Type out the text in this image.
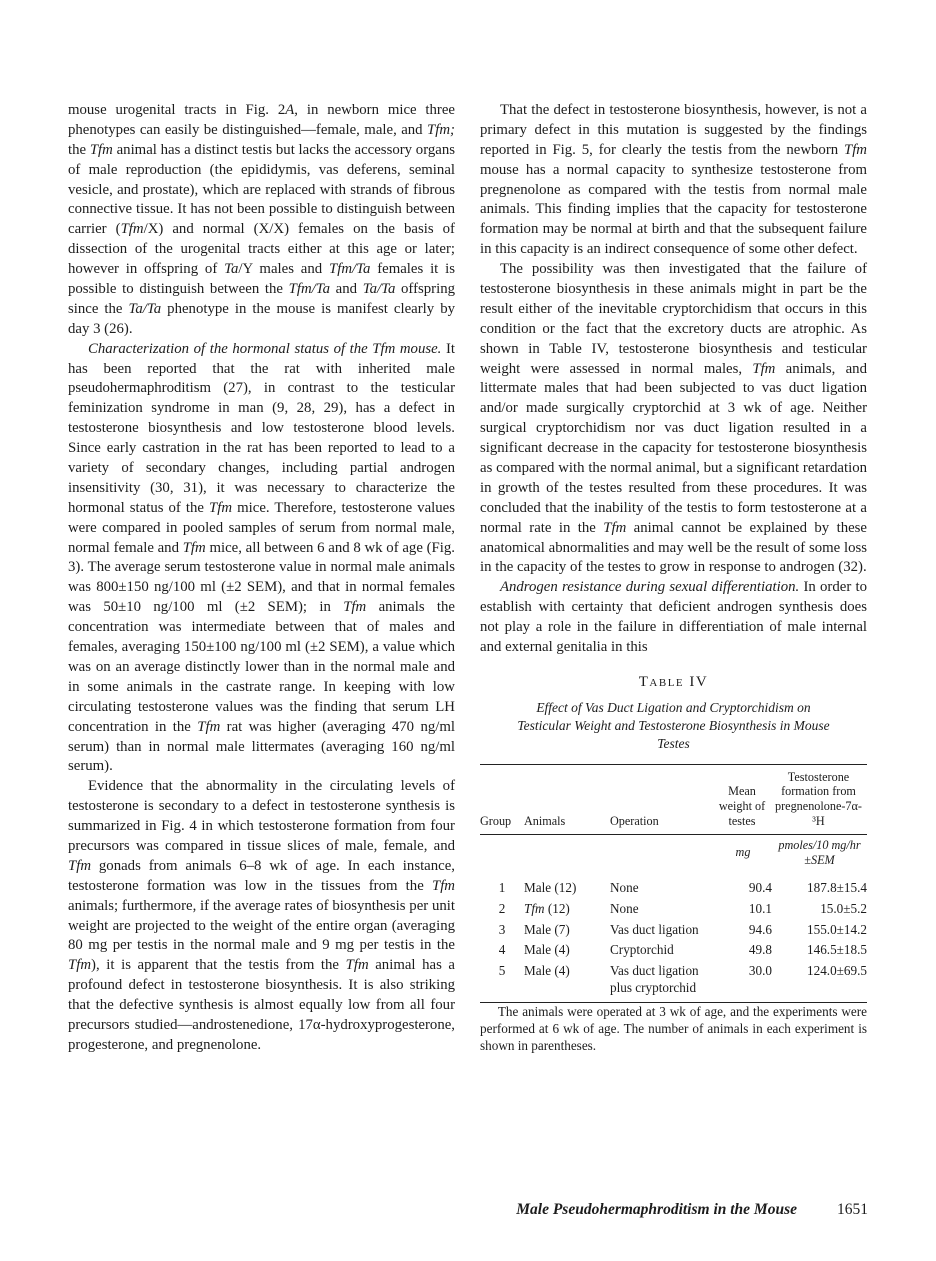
mouse urogenital tracts in Fig. 2A, in newborn mice three phenotypes can easily be distinguished—female, male, and Tfm; the Tfm animal has a distinct testis but lacks the accessory organs of male reproduction (the epididymis, vas deferens, seminal vesicle, and prostate), which are replaced with strands of fibrous connective tissue. It has not been possible to distinguish between carrier (Tfm/X) and normal (X/X) females on the basis of dissection of the urogenital tracts either at this age or later; however in offspring of Ta/Y males and Tfm/Ta females it is possible to distinguish between the Tfm/Ta and Ta/Ta offspring since the Ta/Ta phenotype in the mouse is manifest clearly by day 3 (26).

Characterization of the hormonal status of the Tfm mouse. It has been reported that the rat with inherited male pseudohermaphroditism (27), in contrast to the testicular feminization syndrome in man (9, 28, 29), has a defect in testosterone biosynthesis and low testosterone blood levels. Since early castration in the rat has been reported to lead to a variety of secondary changes, including partial androgen insensitivity (30, 31), it was necessary to characterize the hormonal status of the Tfm mice. Therefore, testosterone values were compared in pooled samples of serum from normal male, normal female and Tfm mice, all between 6 and 8 wk of age (Fig. 3). The average serum testosterone value in normal male animals was 800±150 ng/100 ml (±2 SEM), and that in normal females was 50±10 ng/100 ml (±2 SEM); in Tfm animals the concentration was intermediate between that of males and females, averaging 150±100 ng/100 ml (±2 SEM), a value which was on an average distinctly lower than in the normal male and in some animals in the castrate range. In keeping with low circulating testosterone values was the finding that serum LH concentration in the Tfm rat was higher (averaging 470 ng/ml serum) than in normal male littermates (averaging 160 ng/ml serum).

Evidence that the abnormality in the circulating levels of testosterone is secondary to a defect in testosterone synthesis is summarized in Fig. 4 in which testosterone formation from four precursors was compared in tissue slices of male, female, and Tfm gonads from animals 6–8 wk of age. In each instance, testosterone formation was low in the tissues from the Tfm animals; furthermore, if the average rates of biosynthesis per unit weight are projected to the weight of the entire organ (averaging 80 mg per testis in the normal male and 9 mg per testis in the Tfm), it is apparent that the testis from the Tfm animal has a profound defect in testosterone biosynthesis. It is also striking that the defective synthesis is almost equally low from all four precursors studied—androstenedione, 17α-hydroxyprogesterone, progesterone, and pregnenolone.

That the defect in testosterone biosynthesis, however, is not a primary defect in this mutation is suggested by the findings reported in Fig. 5, for clearly the testis from the newborn Tfm mouse has a normal capacity to synthesize testosterone from pregnenolone as compared with the testis from normal male animals. This finding implies that the capacity for testosterone formation may be normal at birth and that the subsequent failure in this capacity is an indirect consequence of some other defect.

The possibility was then investigated that the failure of testosterone biosynthesis in these animals might in part be the result either of the inevitable cryptorchidism that occurs in this condition or the fact that the excretory ducts are atrophic. As shown in Table IV, testosterone biosynthesis and testicular weight were assessed in normal males, Tfm animals, and littermate males that had been subjected to vas duct ligation and/or made surgically cryptorchid at 3 wk of age. Neither surgical cryptorchidism nor vas duct ligation resulted in a significant decrease in the capacity for testosterone biosynthesis as compared with the normal animal, but a significant retardation in growth of the testes resulted from these procedures. It was concluded that the inability of the testis to form testosterone at a normal rate in the Tfm animal cannot be explained by these anatomical abnormalities and may well be the result of some loss in the capacity of the testes to grow in response to androgen (32).

Androgen resistance during sexual differentiation. In order to establish with certainty that deficient androgen synthesis does not play a role in the failure in differentiation of male internal and external genitalia in this

Table IV
Effect of Vas Duct Ligation and Cryptorchidism on Testicular Weight and Testosterone Biosynthesis in Mouse Testes
Group	Animals	Operation	Mean weight of testes	Testosterone formation from pregnenolone-7α-³H
			mg	pmoles/10 mg/hr ±SEM
1	Male (12)	None	90.4	187.8±15.4
2	Tfm (12)	None	10.1	15.0±5.2
3	Male (7)	Vas duct ligation	94.6	155.0±14.2
4	Male (4)	Cryptorchid	49.8	146.5±18.5
5	Male (4)	Vas duct ligation plus cryptorchid	30.0	124.0±69.5

The animals were operated at 3 wk of age, and the experiments were performed at 6 wk of age. The number of animals in each experiment is shown in parentheses.

Male Pseudohermaphroditism in the Mouse	1651
